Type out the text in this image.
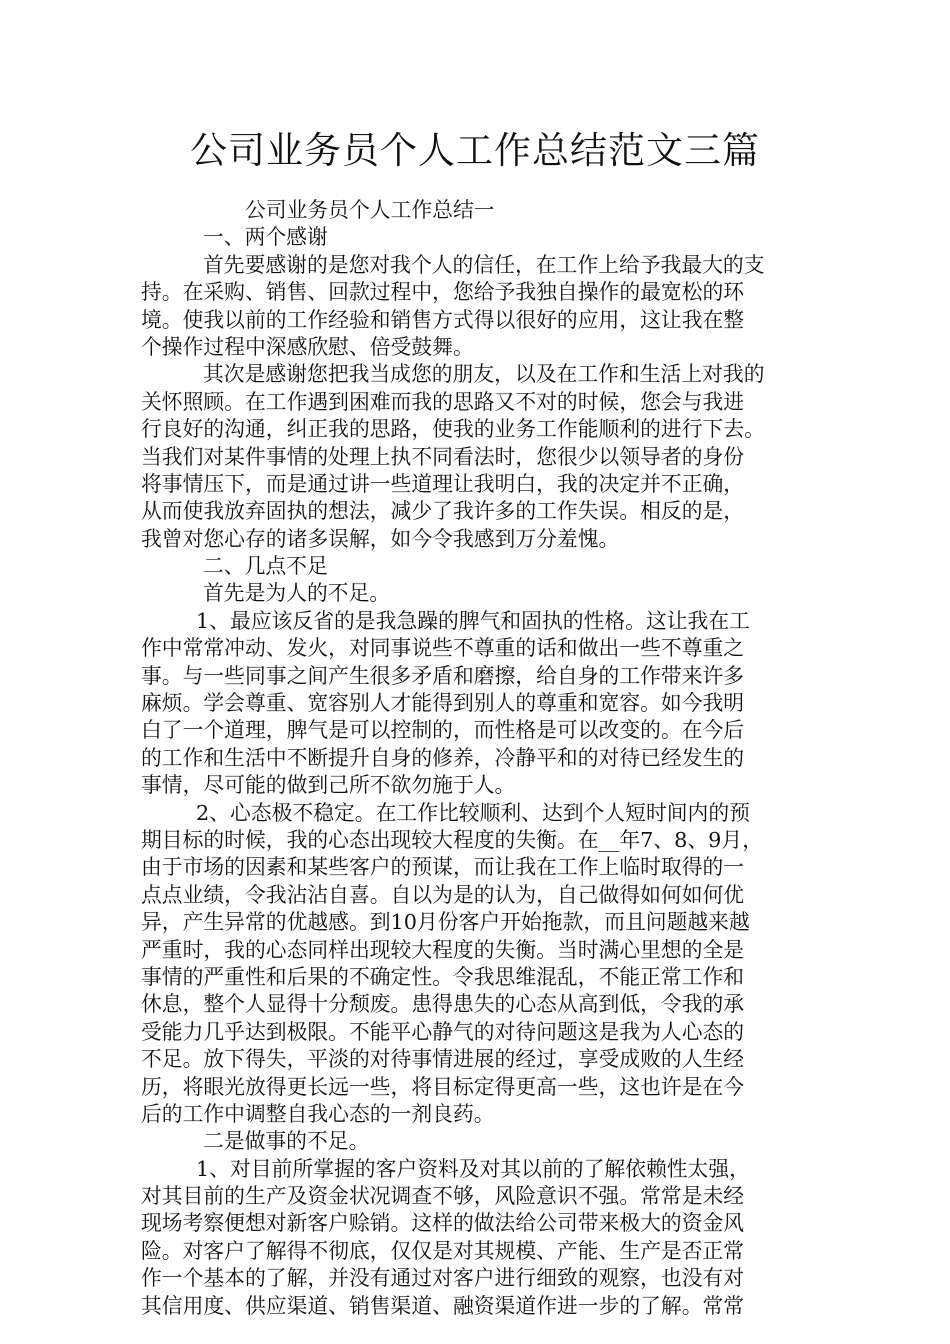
公司业务员个人工作总结范文三篇
公司业务员个人工作总结一
一、两个感谢
首先要感谢的是您对我个人的信任，在工作上给予我最大的支
持。在采购、销售、回款过程中，您给予我独自操作的最宽松的环
境。使我以前的工作经验和销售方式得以很好的应用，这让我在整
个操作过程中深感欣慰、倍受鼓舞。
其次是感谢您把我当成您的朋友，以及在工作和生活上对我的
关怀照顾。在工作遇到困难而我的思路又不对的时候，您会与我进
行良好的沟通，纠正我的思路，使我的业务工作能顺利的进行下去。
当我们对某件事情的处理上执不同看法时，您很少以领导者的身份
将事情压下，而是通过讲一些道理让我明白，我的决定并不正确，
从而使我放弃固执的想法，减少了我许多的工作失误。相反的是，
我曾对您心存的诸多误解，如今令我感到万分羞愧。
二、几点不足
首先是为人的不足。
1、最应该反省的是我急躁的脾气和固执的性格。这让我在工
作中常常冲动、发火，对同事说些不尊重的话和做出一些不尊重之
事。与一些同事之间产生很多矛盾和磨擦，给自身的工作带来许多
麻烦。学会尊重、宽容别人才能得到别人的尊重和宽容。如今我明
白了一个道理，脾气是可以控制的，而性格是可以改变的。在今后
的工作和生活中不断提升自身的修养，冷静平和的对待已经发生的
事情，尽可能的做到己所不欲勿施于人。
2、心态极不稳定。在工作比较顺利、达到个人短时间内的预
期目标的时候，我的心态出现较大程度的失衡。在__年7、8、9月，
由于市场的因素和某些客户的预谋，而让我在工作上临时取得的一
点点业绩，令我沾沾自喜。自以为是的认为，自己做得如何如何优
异，产生异常的优越感。到10月份客户开始拖款，而且问题越来越
严重时，我的心态同样出现较大程度的失衡。当时满心里想的全是
事情的严重性和后果的不确定性。令我思维混乱，不能正常工作和
休息，整个人显得十分颓废。患得患失的心态从高到低，令我的承
受能力几乎达到极限。不能平心静气的对待问题这是我为人心态的
不足。放下得失，平淡的对待事情进展的经过，享受成败的人生经
历，将眼光放得更长远一些，将目标定得更高一些，这也许是在今
后的工作中调整自我心态的一剂良药。
二是做事的不足。
1、对目前所掌握的客户资料及对其以前的了解依赖性太强，
对其目前的生产及资金状况调查不够，风险意识不强。常常是未经
现场考察便想对新客户赊销。这样的做法给公司带来极大的资金风
险。对客户了解得不彻底，仅仅是对其规模、产能、生产是否正常
作一个基本的了解，并没有通过对客户进行细致的观察，也没有对
其信用度、供应渠道、销售渠道、融资渠道作进一步的了解。常常
